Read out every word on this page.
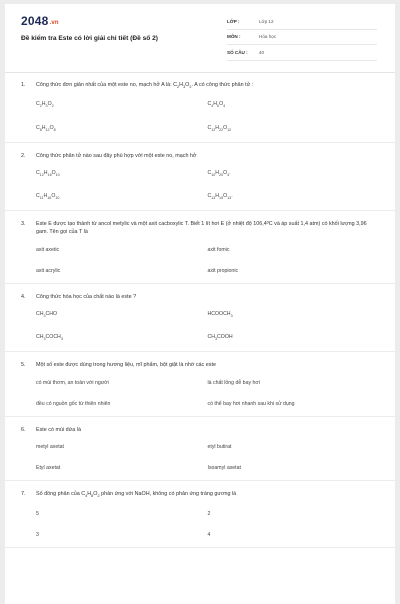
2048.vn
Đề kiểm tra Este có lời giải chi tiết (Đề số 2)
LỚP :	Lớp 12
MÔN :	Hóa học
SỐ CÂU :	40
1.	Công thức đơn giản nhất của một este no, mạch hở A là: $C_2H_3O_2$. A có công thức phân tử :
$C_2H_3O_2$	$C_4H_6O_4$
$C_8H_{12}O_8$	$C_{12}H_{22}O_{12}$
2.	Công thức phân tử nào sau đây phù hợp với một este no, mạch hở
$C_{12}H_{16}O_{10}$	$C_{10}H_{20}O_4$.
$C_{11}H_{16}O_{10}$	$C_{13}H_{15}O_{13}$.
3.	Este E được tạo thành từ ancol metylic và một axit cacboxylic T. Biết 1 lít hơi E (ở nhiệt độ 106,4ºC và áp suất 1,4 atm) có khối lượng 3,96 gam. Tên gọi của T là
axit axetic	axit fomic
axit acrylic	axit propionic
4.	Công thức hóa học của chất nào là este ?
$CH_3CHO$	$HCOOCH_3$
$CH_3COCH_3$	$CH_3COOH$
5.	Một số este được dùng trong hương liệu, mĩ phẩm, bột giặt là nhờ các este
có mùi thơm, an toàn với người	là chất lỏng dễ bay hơi
đều có nguồn gốc từ thiên nhiên	có thể bay hơi nhanh sau khi sử dụng
6.	Este có mùi dứa là
metyl axetat	etyl butirat
Etyl axetat	Isoamyl axetat
7.	Số đồng phân của $C_4H_8O_2$ phản ứng với NaOH, không có phản ứng tráng gương là
5	2
3	4
